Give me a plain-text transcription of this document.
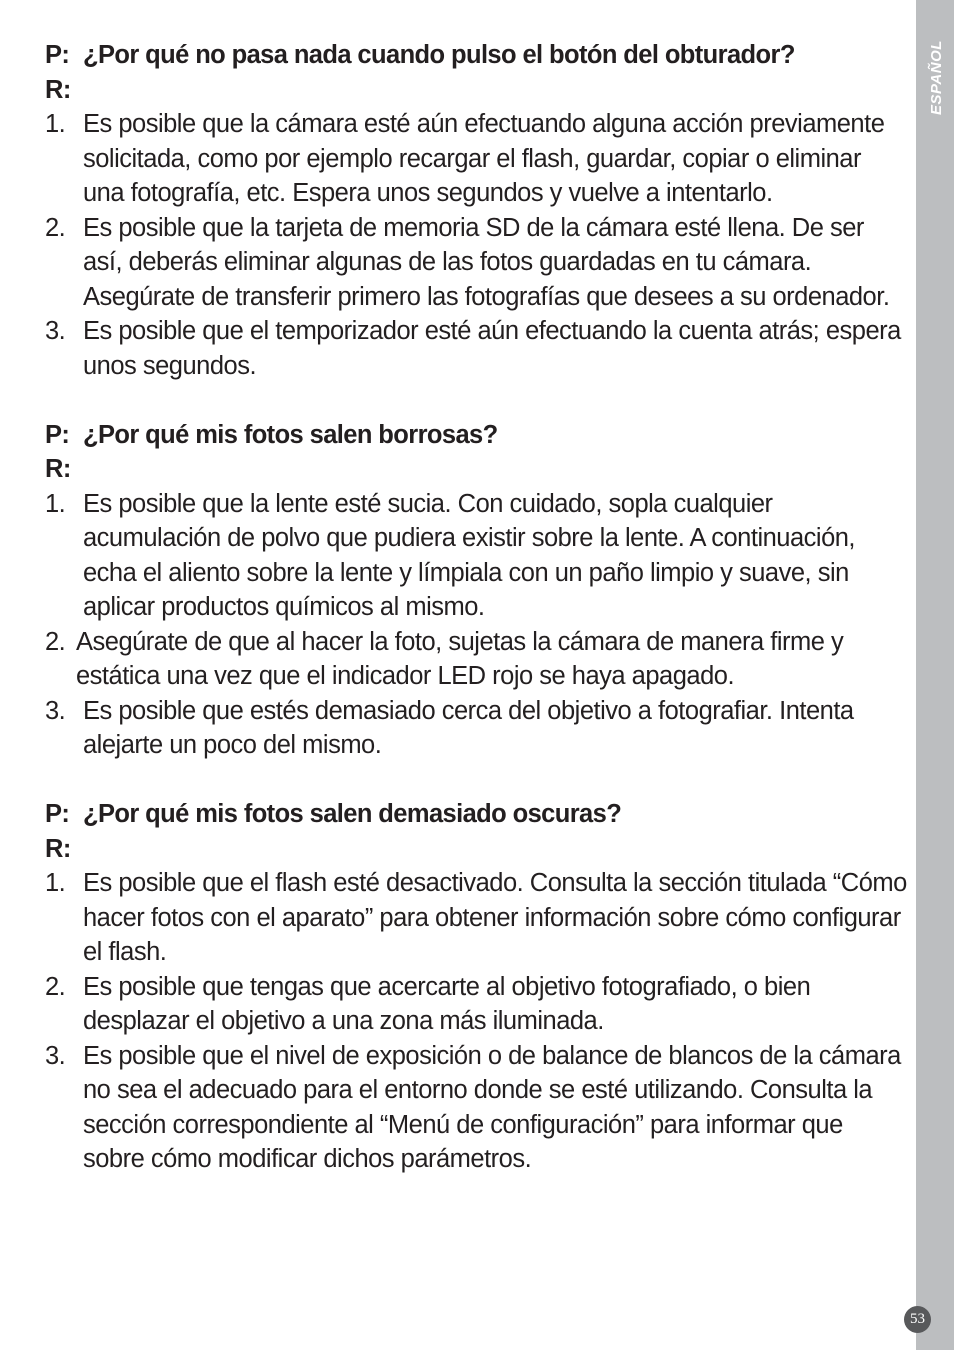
P: ¿Por qué no pasa nada cuando pulso el botón del obturador?
R:
1. Es posible que la cámara esté aún efectuando alguna acción previamente solicitada, como por ejemplo recargar el flash, guardar, copiar o eliminar una fotografía, etc. Espera unos segundos y vuelve a intentarlo.
2. Es posible que la tarjeta de memoria SD de la cámara esté llena. De ser así, deberás eliminar algunas de las fotos guardadas en tu cámara. Asegúrate de transferir primero las fotografías que desees a su ordenador.
3. Es posible que el temporizador esté aún efectuando la cuenta atrás; espera unos segundos.
P: ¿Por qué mis fotos salen borrosas?
R:
1. Es posible que la lente esté sucia. Con cuidado, sopla cualquier acumulación de polvo que pudiera existir sobre la lente. A continuación, echa el aliento sobre la lente y límpiala con un paño limpio y suave, sin aplicar productos químicos al mismo.
2. Asegúrate de que al hacer la foto, sujetas la cámara de manera firme y estática una vez que el indicador LED rojo se haya apagado.
3. Es posible que estés demasiado cerca del objetivo a fotografiar. Intenta alejarte un poco del mismo.
P: ¿Por qué mis fotos salen demasiado oscuras?
R:
1. Es posible que el flash esté desactivado. Consulta la sección titulada “Cómo hacer fotos con el aparato” para obtener información sobre cómo configurar el flash.
2. Es posible que tengas que acercarte al objetivo fotografiado, o bien desplazar el objetivo a una zona más iluminada.
3. Es posible que el nivel de exposición o de balance de blancos de la cámara no sea el adecuado para el entorno donde se esté utilizando. Consulta la sección correspondiente al “Menú de configuración” para informar que sobre cómo modificar dichos parámetros.
ESPAÑOL
53
